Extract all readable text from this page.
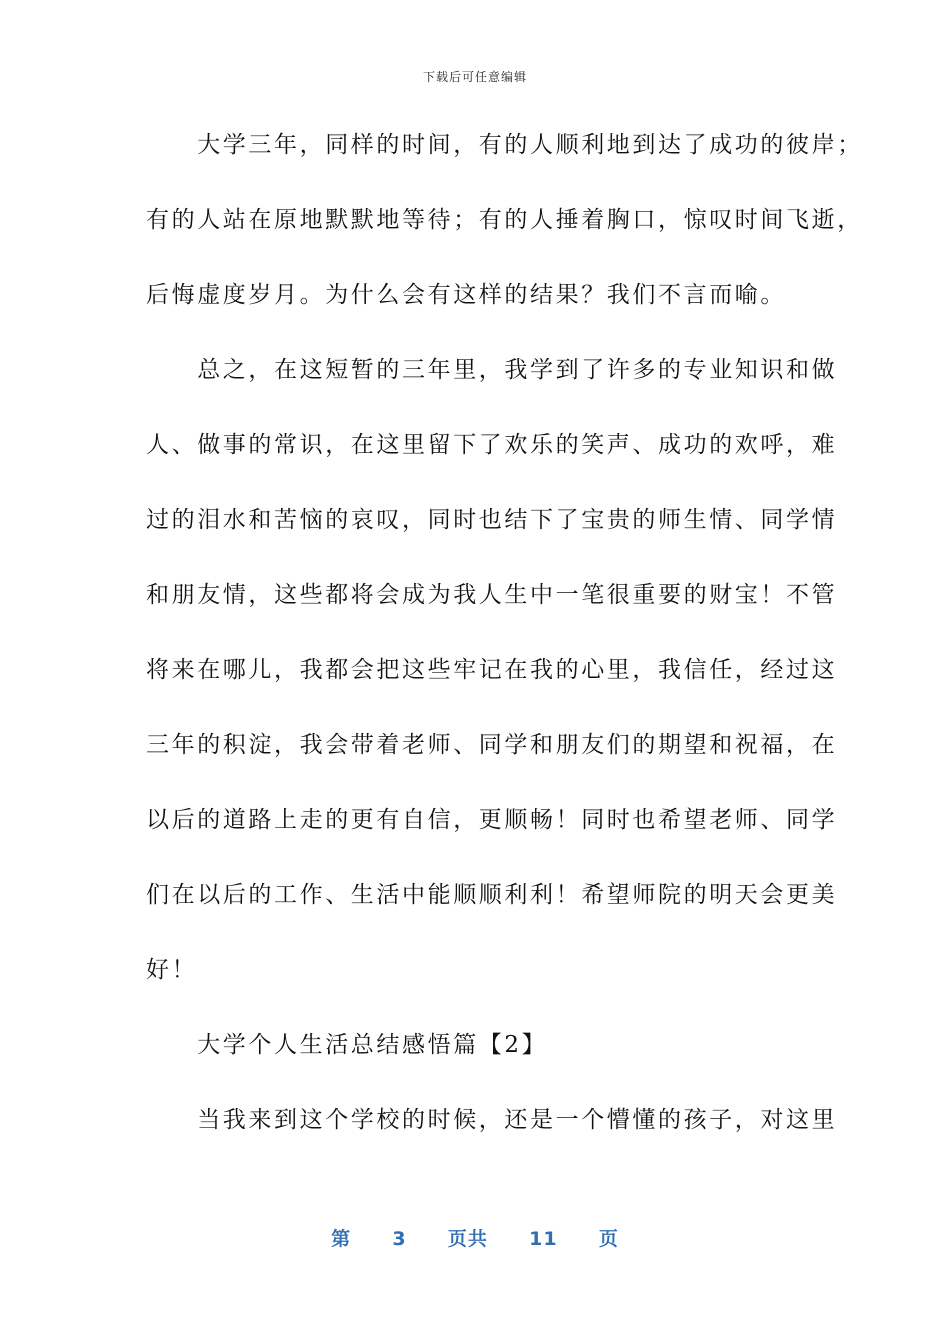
下载后可任意编辑
　　大学三年，同样的时间，有的人顺利地到达了成功的彼岸；
有的人站在原地默默地等待；有的人捶着胸口，惊叹时间飞逝，
后悔虚度岁月。为什么会有这样的结果？我们不言而喻。
　　总之，在这短暂的三年里，我学到了许多的专业知识和做
人、做事的常识，在这里留下了欢乐的笑声、成功的欢呼，难
过的泪水和苦恼的哀叹，同时也结下了宝贵的师生情、同学情
和朋友情，这些都将会成为我人生中一笔很重要的财宝！不管
将来在哪儿，我都会把这些牢记在我的心里，我信任，经过这
三年的积淀，我会带着老师、同学和朋友们的期望和祝福，在
以后的道路上走的更有自信，更顺畅！同时也希望老师、同学
们在以后的工作、生活中能顺顺利利！希望师院的明天会更美
好！
　　大学个人生活总结感悟篇【2】
　　当我来到这个学校的时候，还是一个懵懂的孩子，对这里
第 3 页共 11 页
